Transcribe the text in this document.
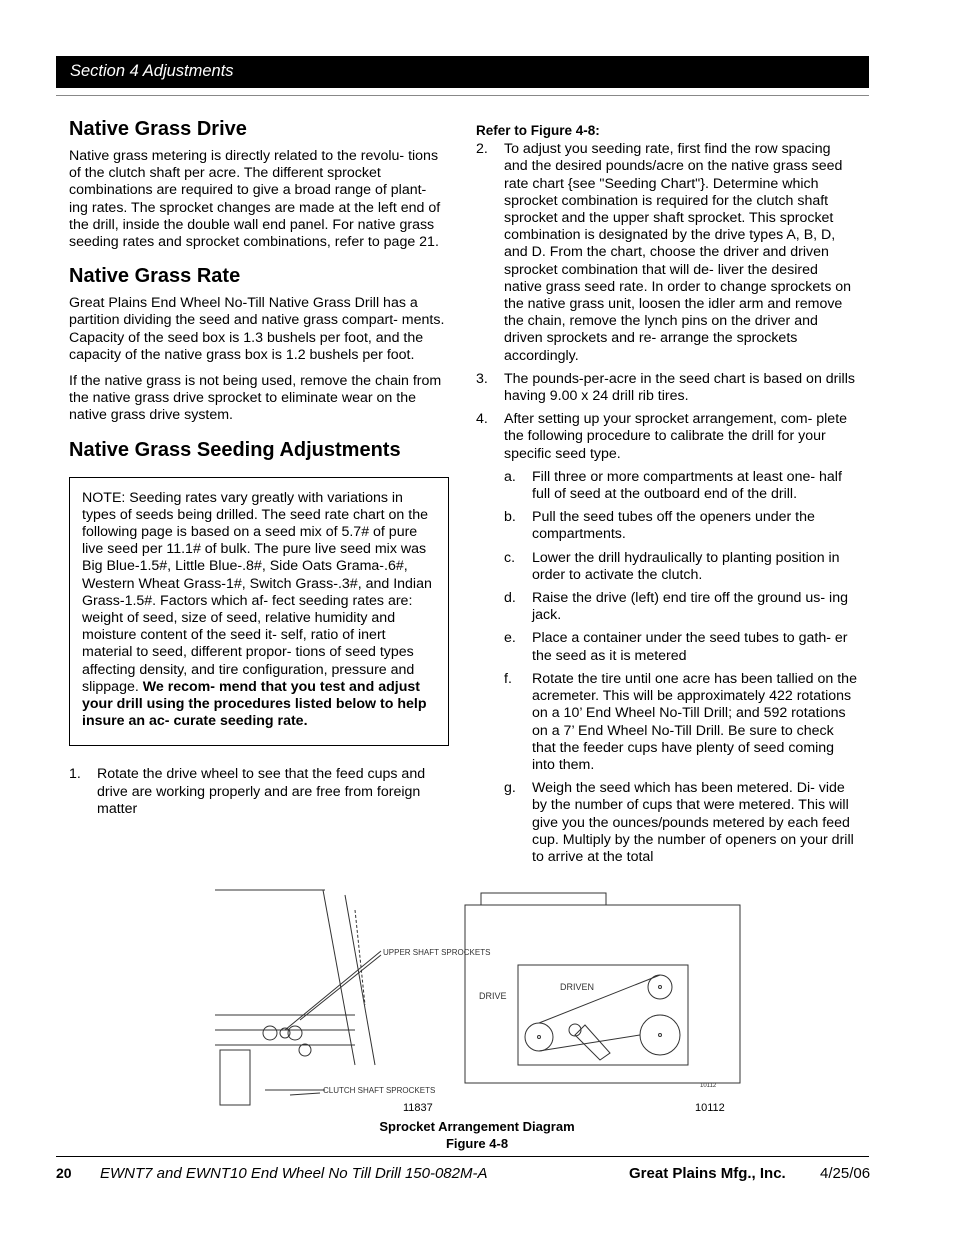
Section 4 Adjustments
Native Grass Drive

Native grass metering is directly related to the revolu- tions of the clutch shaft per acre. The different sprocket combinations are required to give a broad range of plant- ing rates. The sprocket changes are made at the left end of the drill, inside the double wall end panel. For native grass seeding rates and sprocket combinations, refer to page 21.

Native Grass Rate

Great Plains End Wheel No-Till Native Grass Drill has a partition dividing the seed and native grass compart- ments. Capacity of the seed box is 1.3 bushels per foot, and the capacity of the native grass box is 1.2 bushels per foot.

If the native grass is not being used, remove the chain from the native grass drive sprocket to eliminate wear on the native grass drive system.

Native Grass Seeding Adjustments
NOTE: Seeding rates vary greatly with variations in types of seeds being drilled. The seed rate chart on the following page is based on a seed mix of 5.7# of pure live seed per 11.1# of bulk. The pure live seed mix was Big Blue-1.5#, Little Blue-.8#, Side Oats Grama-.6#, Western Wheat Grass-1#, Switch Grass-.3#, and Indian Grass-1.5#. Factors which af- fect seeding rates are: weight of seed, size of seed, relative humidity and moisture content of the seed it- self, ratio of inert material to seed, different propor- tions of seed types affecting density, and tire configuration, pressure and slippage. We recom- mend that you test and adjust your drill using the procedures listed below to help insure an ac- curate seeding rate.
1.	Rotate the drive wheel to see that the feed cups and drive are working properly and are free from foreign matter
Refer to Figure 4-8:
2.	To adjust you seeding rate, first find the row spacing and the desired pounds/acre on the native grass seed rate chart {see "Seeding Chart"}. Determine which sprocket combination is required for the clutch shaft sprocket and the upper shaft sprocket. This sprocket combination is designated by the drive types A, B, D, and D. From the chart, choose the driver and driven sprocket combination that will de- liver the desired native grass seed rate. In order to change sprockets on the native grass unit, loosen the idler arm and remove the chain, remove the lynch pins on the driver and driven sprockets and re- arrange the sprockets accordingly.
3.	The pounds-per-acre in the seed chart is based on drills having 9.00 x 24 drill rib tires.
4.	After setting up your sprocket arrangement, com- plete the following procedure to calibrate the drill for your specific seed type.
a.	Fill three or more compartments at least one- half full of seed at the outboard end of the drill.
b.	Pull the seed tubes off the openers under the compartments.
c.	Lower the drill hydraulically to planting position in order to activate the clutch.
d.	Raise the drive (left) end tire off the ground us- ing jack.
e.	Place a container under the seed tubes to gath- er the seed as it is metered
f.	Rotate the tire until one acre has been tallied on the acremeter. This will be approximately 422 rotations on a 10’ End Wheel No-Till Drill; and 592 rotations on a 7’ End Wheel No-Till Drill. Be sure to check that the feeder cups have plenty of seed coming into them.
g.	Weigh the seed which has been metered. Di- vide by the number of cups that were metered. This will give you the ounces/pounds metered by each feed cup. Multiply by the number of openers on your drill to arrive at the total
UPPER SHAFT SPROCKETS
CLUTCH SHAFT SPROCKETS
DRIVE
DRIVEN
10112
11837	10112
Sprocket Arrangement Diagram
Figure 4-8
20 EWNT7 and EWNT10 End Wheel No Till Drill 150-082M-A	Great Plains Mfg., Inc. 4/25/06
